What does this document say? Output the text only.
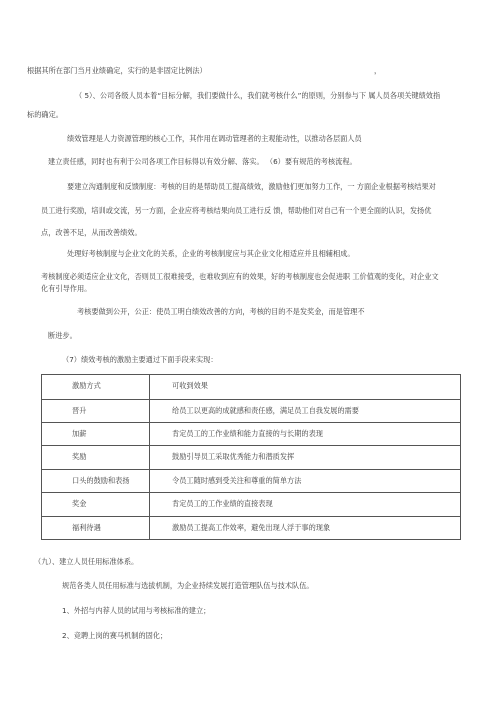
根据其所在部门当月业绩确定，实行的是非固定比例法）	，
（ 5）、公司各级人员本着“目标分解，我们要做什么，我们就考核什么”的原则，分别参与下 属人员各项关键绩效指
标的确定。
绩效管理是人力资源管理的核心工作，其作用在调动管理者的主观能动性，以推动各层面人员
建立责任感，同时也有利于公司各项工作目标得以有效分解、落实。 （6）要有规范的考核流程。
要建立沟通制度和反馈制度：考核的目的是帮助员工提高绩效，激励他们更加努力工作，一 方面企业根据考核结果对
员工进行奖励，培训或交流，另一方面，企业应将考核结果向员工进行反 馈，帮助他们对自己有一个更全面的认识，发扬优
点，改善不足，从而改善绩效。
处理好考核制度与企业文化的关系，企业的考核制度应与其企业文化相适应并且相辅相成。
考核制度必须适应企业文化，否则员工很难接受，也难收到应有的效果，好的考核制度也会促进职 工价值观的变化，对企业文
化有引导作用。
考核要做到公开，公正：使员工明白绩效改善的方向，考核的目的不是发奖金，而是管理不
断进步。
（7）绩效考核的激励主要通过下面手段来实现：
激励方式	可收到效果
晋升	给员工以更高的成就感和责任感，满足员工自我发展的需要
加薪	肯定员工的工作业绩和能力直接的与长期的表现
奖励	鼓励引导员工采取优秀能力和潜质发挥
口头的鼓励和表扬	令员工随时感到受关注和尊重的简单方法
奖金	肯定员工的工作业绩的直接表现
福利待遇	激励员工提高工作效率，避免出现人浮于事的现象
（九）、建立人员任用标准体系。
规范各类人员任用标准与选拔机制，为企业持续发展打造管理队伍与技术队伍。
1、外招与内荐人员的试用与考核标准的建立；
2、竞聘上岗的赛马机制的固化；
